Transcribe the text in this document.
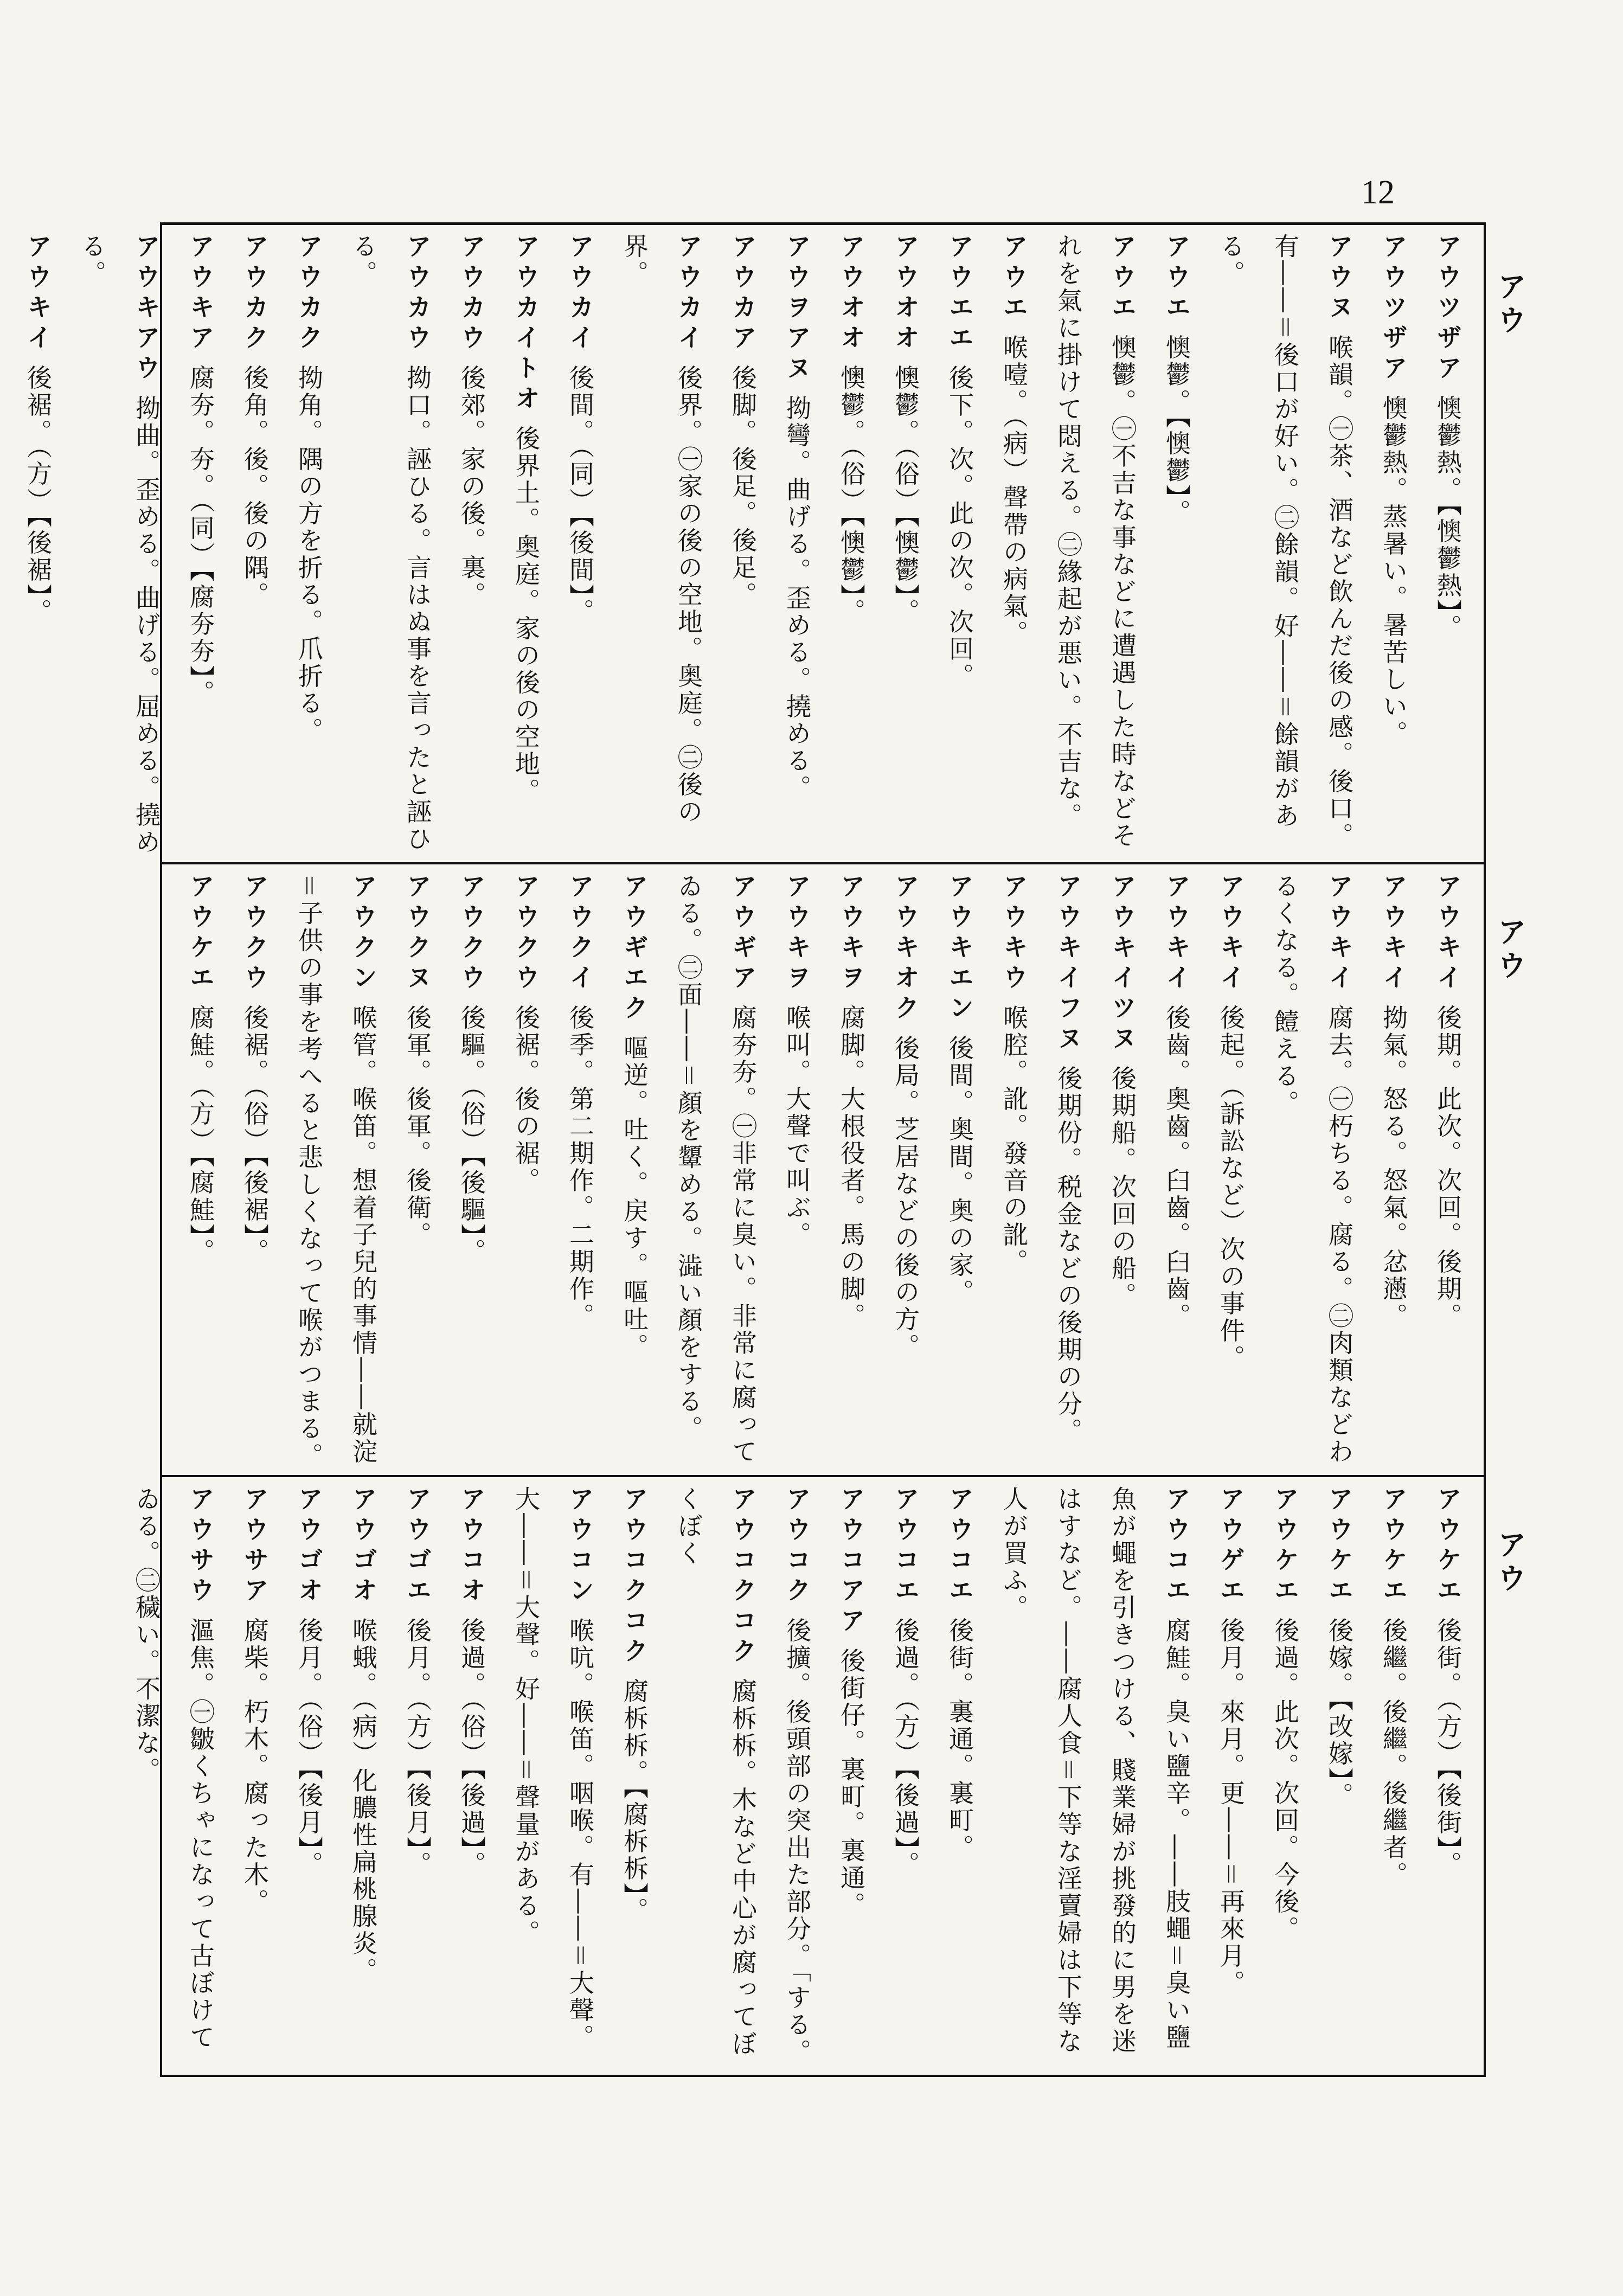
12
アウ
アウ
アウ

アウツザア 懊鬱熱。【懊鬱熱】。

アウツザア 懊鬱熱。蒸暑い。暑苦しい。

アウヌ 喉韻。㊀茶、酒など飲んだ後の感。後口。有――＝後口が好い。㊁餘韻。好――＝餘韻がある。

アウエ 懊鬱。【懊鬱】。

アウエ 懊鬱。㊀不吉な事などに遭遇した時などそれを氣に掛けて悶える。㊁緣起が悪い。不吉な。

アウエ 喉噎。（病）聲帶の病氣。

アウエエ 後下。次。此の次。次回。

アウオオ 懊鬱。（俗）【懊鬱】。

アウオオ 懊鬱。（俗）【懊鬱】。

アウヲアヌ 拗彎。曲げる。歪める。撓める。

アウカア 後脚。後足。後足。

アウカイ 後界。㊀家の後の空地。奥庭。㊁後の界。

アウカイ 後間。（同）【後間】。

アウカイトオ 後界土。奥庭。家の後の空地。

アウカウ 後郊。家の後。裏。

アウカウ 拗口。誣ひる。言はぬ事を言ったと誣ひる。

アウカク 拗角。隅の方を折る。爪折る。

アウカク 後角。後。後の隅。

アウキア 腐夯。夯。（同）【腐夯夯】。

アウキアウ 拗曲。歪める。曲げる。屈める。撓める。

アウキイ 後裾。（方）【後裾】。

アウキイ 後期。此次。次回。後期。

アウキイ 拗氣。怒る。怒氣。忿懣。

アウキイ 腐去。㊀朽ちる。腐る。㊁肉類などわるくなる。饐える。

アウキイ 後起。（訴訟など）次の事件。

アウキイ 後齒。奥齒。臼齒。臼齒。

アウキイツヌ 後期船。次回の船。

アウキイフヌ 後期份。税金などの後期の分。

アウキウ 喉腔。訛。發音の訛。

アウキエン 後間。奥間。奥の家。

アウキオク 後局。芝居などの後の方。

アウキヲ 腐脚。大根役者。馬の脚。

アウキヲ 喉叫。大聲で叫ぶ。

アウギア 腐夯夯。㊀非常に臭い。非常に腐ってゐる。㊁面――＝顏を顰める。澁い顏をする。

アウギエク 嘔逆。吐く。戻す。嘔吐。

アウクイ 後季。第二期作。二期作。

アウクウ 後裾。後の裾。

アウクウ 後驅。（俗）【後驅】。

アウクヌ 後軍。後軍。後衛。

アウクン 喉管。喉笛。想着子兒的事情――就淀＝子供の事を考へると悲しくなって喉がつまる。

アウクウ 後裾。（俗）【後裾】。

アウケエ 腐鮭。（方）【腐鮭】。

アウケエ 後街。（方）【後街】。

アウケエ 後繼。後繼。後繼者。

アウケエ 後嫁。【改嫁】。

アウケエ 後過。此次。次回。今後。

アウゲエ 後月。來月。更――＝再來月。

アウコエ 腐鮭。臭い鹽辛。――肢蠅＝臭い鹽魚が蠅を引きつける、賤業婦が挑發的に男を迷はすなど。――腐人食＝下等な淫賣婦は下等な人が買ふ。

アウコエ 後街。裏通。裏町。

アウコエ 後過。（方）【後過】。

アウコアア 後街仔。裏町。裏通。

アウコク 後擴。後頭部の突出た部分。「する。

アウコクコク 腐柝柝。木など中心が腐ってぼくぼく

アウコクコク 腐柝柝。【腐柝柝】。

アウコン 喉吭。喉笛。咽喉。有――＝大聲。大――＝大聲。好――＝聲量がある。

アウコオ 後過。（俗）【後過】。

アウゴエ 後月。（方）【後月】。

アウゴオ 喉蛾。（病）化膿性扁桃腺炎。

アウゴオ 後月。（俗）【後月】。

アウサア 腐柴。朽木。腐った木。

アウサウ 漚焦。㊀皺くちゃになって古ぼけてゐる。㊁穢い。不潔な。
